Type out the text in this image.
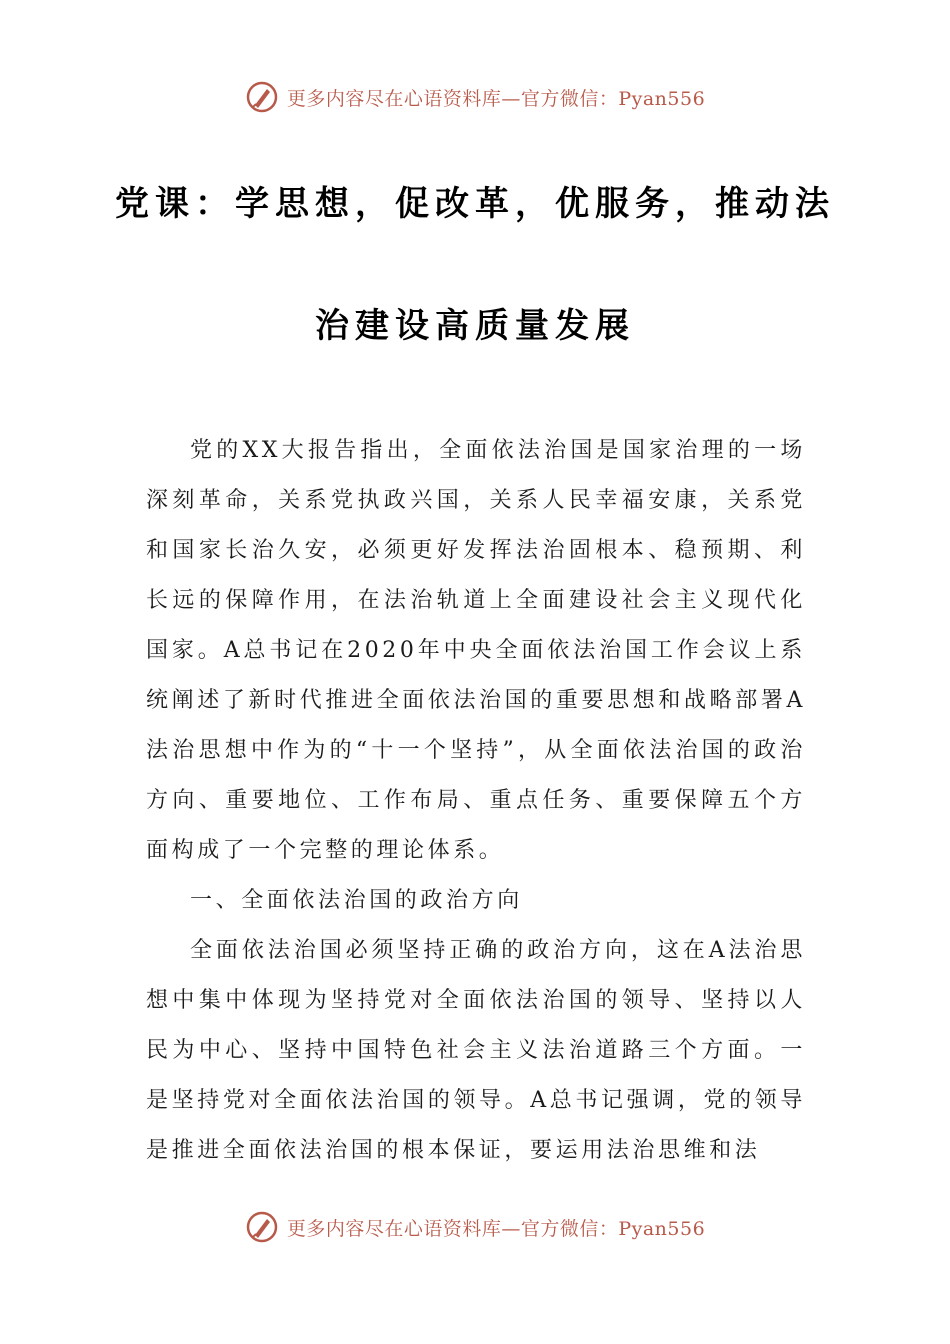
更多内容尽在心语资料库—官方微信：Pyan556
党课：学思想，促改革，优服务，推动法
治建设高质量发展

党的XX大报告指出，全面依法治国是国家治理的一场深刻革命，关系党执政兴国，关系人民幸福安康，关系党和国家长治久安，必须更好发挥法治固根本、稳预期、利长远的保障作用，在法治轨道上全面建设社会主义现代化国家。A总书记在2020年中央全面依法治国工作会议上系统阐述了新时代推进全面依法治国的重要思想和战略部署A法治思想中作为的“十一个坚持”，从全面依法治国的政治方向、重要地位、工作布局、重点任务、重要保障五个方面构成了一个完整的理论体系。

一、全面依法治国的政治方向

全面依法治国必须坚持正确的政治方向，这在A法治思想中集中体现为坚持党对全面依法治国的领导、坚持以人民为中心、坚持中国特色社会主义法治道路三个方面。一是坚持党对全面依法治国的领导。A总书记强调，党的领导是推进全面依法治国的根本保证，要运用法治思维和法

更多内容尽在心语资料库—官方微信：Pyan556
